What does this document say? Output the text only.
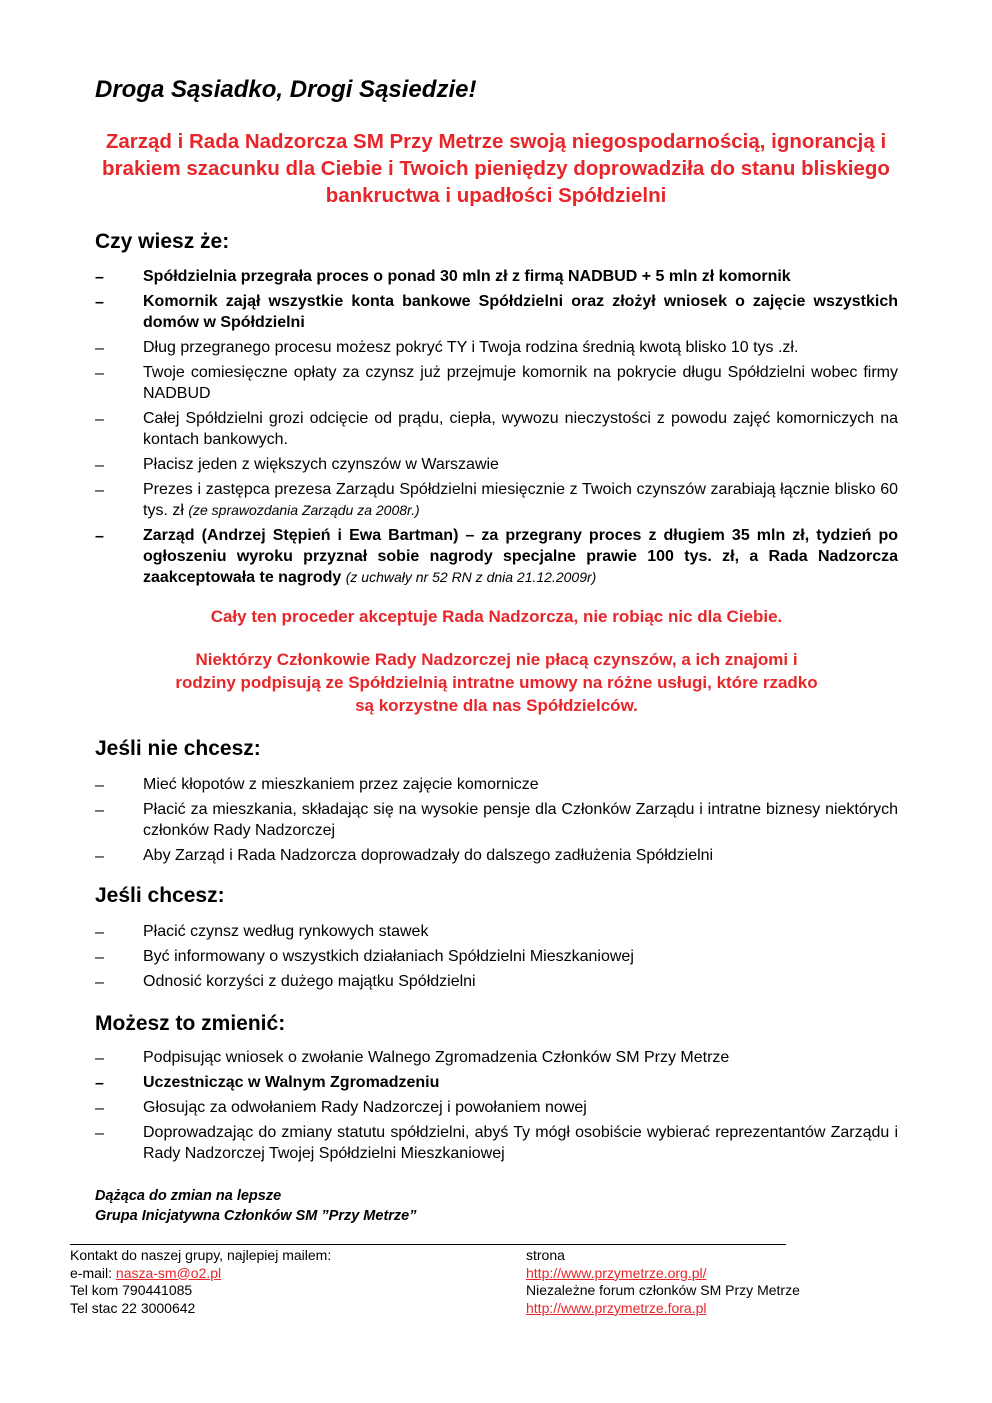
Droga Sąsiadko, Drogi Sąsiedzie!

Zarząd i Rada Nadzorcza SM Przy Metrze swoją niegospodarnością, ignorancją i brakiem szacunku dla Ciebie i Twoich pieniędzy doprowadziła do stanu bliskiego bankructwa i upadłości Spółdzielni

Czy wiesz że:
–	Spółdzielnia przegrała proces o ponad 30 mln zł z firmą NADBUD + 5 mln zł komornik
–	Komornik zajął wszystkie konta bankowe Spółdzielni oraz złożył wniosek o zajęcie wszystkich domów w Spółdzielni
–	Dług przegranego procesu możesz pokryć TY i Twoja rodzina średnią kwotą blisko 10 tys .zł.
–	Twoje comiesięczne opłaty za czynsz już przejmuje komornik na pokrycie długu Spółdzielni wobec firmy NADBUD
–	Całej Spółdzielni grozi odcięcie od prądu, ciepła, wywozu nieczystości z powodu zajęć komorniczych na kontach bankowych.
–	Płacisz jeden z większych czynszów w Warszawie
–	Prezes i zastępca prezesa Zarządu Spółdzielni miesięcznie z Twoich czynszów zarabiają łącznie blisko 60 tys. zł (ze sprawozdania Zarządu za 2008r.)
–	Zarząd (Andrzej Stępień i Ewa Bartman) – za przegrany proces z długiem 35 mln zł, tydzień po ogłoszeniu wyroku przyznał sobie nagrody specjalne prawie 100 tys. zł, a Rada Nadzorcza zaakceptowała te nagrody (z uchwały nr 52 RN z dnia 21.12.2009r)

Cały ten proceder akceptuje Rada Nadzorcza, nie robiąc nic dla Ciebie.

Niektórzy Członkowie Rady Nadzorczej nie płacą czynszów, a ich znajomi i rodziny podpisują ze Spółdzielnią intratne umowy na różne usługi, które rzadko są korzystne dla nas Spółdzielców.

Jeśli nie chcesz:
–	Mieć kłopotów z mieszkaniem przez zajęcie komornicze
–	Płacić za mieszkania, składając się na wysokie pensje dla Członków Zarządu i intratne biznesy niektórych członków Rady Nadzorczej
–	Aby Zarząd i Rada Nadzorcza doprowadzały do dalszego zadłużenia Spółdzielni
Jeśli chcesz:
–	Płacić czynsz według rynkowych stawek
–	Być informowany o wszystkich działaniach Spółdzielni Mieszkaniowej
–	Odnosić korzyści z dużego majątku Spółdzielni
Możesz to zmienić:
–	Podpisując wniosek o zwołanie Walnego Zgromadzenia Członków SM Przy Metrze
–	Uczestnicząc w Walnym Zgromadzeniu
–	Głosując za odwołaniem Rady Nadzorczej i powołaniem nowej
–	Doprowadzając do zmiany statutu spółdzielni, abyś Ty mógł osobiście wybierać reprezentantów Zarządu i Rady Nadzorczej Twojej Spółdzielni Mieszkaniowej
Dążąca do zmian na lepsze
Grupa Inicjatywna Członków SM ”Przy Metrze”
Kontakt do naszej grupy, najlepiej mailem:
e-mail: nasza-sm@o2.pl
Tel kom 790441085
Tel stac 22 3000642
strona
http://www.przymetrze.org.pl/
Niezależne forum członków SM Przy Metrze
http://www.przymetrze.fora.pl
